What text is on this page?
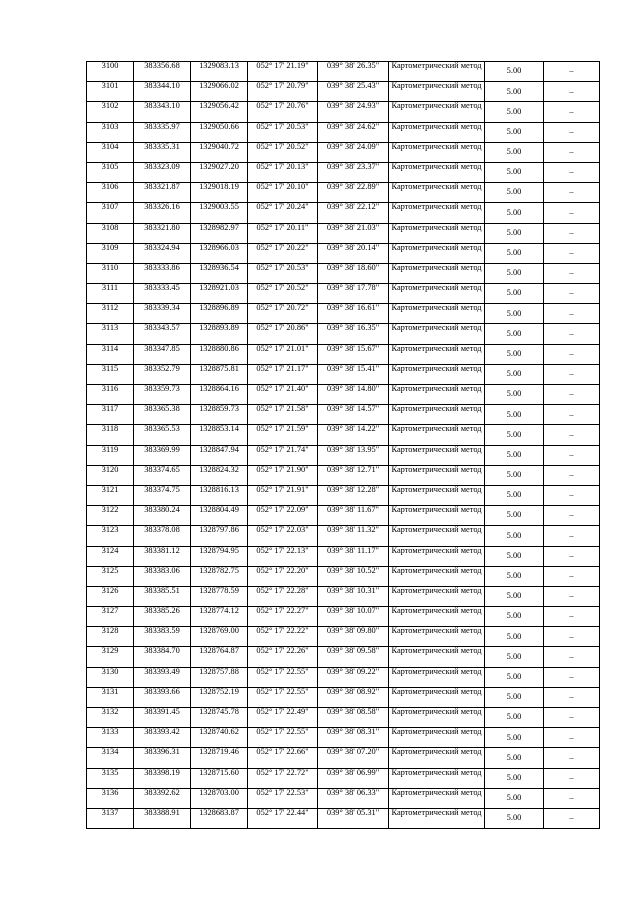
3100	383356.68	1329083.13	052° 17' 21.19"	039° 38' 26.35"	Картометрический метод	5.00	–
3101	383344.10	1329066.02	052° 17' 20.79"	039° 38' 25.43"	Картометрический метод	5.00	–
3102	383343.10	1329056.42	052° 17' 20.76"	039° 38' 24.93"	Картометрический метод	5.00	–
3103	383335.97	1329050.66	052° 17' 20.53"	039° 38' 24.62"	Картометрический метод	5.00	–
3104	383335.31	1329040.72	052° 17' 20.52"	039° 38' 24.09"	Картометрический метод	5.00	–
3105	383323.09	1329027.20	052° 17' 20.13"	039° 38' 23.37"	Картометрический метод	5.00	–
3106	383321.87	1329018.19	052° 17' 20.10"	039° 38' 22.89"	Картометрический метод	5.00	–
3107	383326.16	1329003.55	052° 17' 20.24"	039° 38' 22.12"	Картометрический метод	5.00	–
3108	383321.80	1328982.97	052° 17' 20.11"	039° 38' 21.03"	Картометрический метод	5.00	–
3109	383324.94	1328966.03	052° 17' 20.22"	039° 38' 20.14"	Картометрический метод	5.00	–
3110	383333.86	1328936.54	052° 17' 20.53"	039° 38' 18.60"	Картометрический метод	5.00	–
3111	383333.45	1328921.03	052° 17' 20.52"	039° 38' 17.78"	Картометрический метод	5.00	–
3112	383339.34	1328896.89	052° 17' 20.72"	039° 38' 16.61"	Картометрический метод	5.00	–
3113	383343.57	1328893.89	052° 17' 20.86"	039° 38' 16.35"	Картометрический метод	5.00	–
3114	383347.85	1328880.86	052° 17' 21.01"	039° 38' 15.67"	Картометрический метод	5.00	–
3115	383352.79	1328875.81	052° 17' 21.17"	039° 38' 15.41"	Картометрический метод	5.00	–
3116	383359.73	1328864.16	052° 17' 21.40"	039° 38' 14.80"	Картометрический метод	5.00	–
3117	383365.38	1328859.73	052° 17' 21.58"	039° 38' 14.57"	Картометрический метод	5.00	–
3118	383365.53	1328853.14	052° 17' 21.59"	039° 38' 14.22"	Картометрический метод	5.00	–
3119	383369.99	1328847.94	052° 17' 21.74"	039° 38' 13.95"	Картометрический метод	5.00	–
3120	383374.65	1328824.32	052° 17' 21.90"	039° 38' 12.71"	Картометрический метод	5.00	–
3121	383374.75	1328816.13	052° 17' 21.91"	039° 38' 12.28"	Картометрический метод	5.00	–
3122	383380.24	1328804.49	052° 17' 22.09"	039° 38' 11.67"	Картометрический метод	5.00	–
3123	383378.08	1328797.86	052° 17' 22.03"	039° 38' 11.32"	Картометрический метод	5.00	–
3124	383381.12	1328794.95	052° 17' 22.13"	039° 38' 11.17"	Картометрический метод	5.00	–
3125	383383.06	1328782.75	052° 17' 22.20"	039° 38' 10.52"	Картометрический метод	5.00	–
3126	383385.51	1328778.59	052° 17' 22.28"	039° 38' 10.31"	Картометрический метод	5.00	–
3127	383385.26	1328774.12	052° 17' 22.27"	039° 38' 10.07"	Картометрический метод	5.00	–
3128	383383.59	1328769.00	052° 17' 22.22"	039° 38' 09.80"	Картометрический метод	5.00	–
3129	383384.70	1328764.87	052° 17' 22.26"	039° 38' 09.58"	Картометрический метод	5.00	–
3130	383393.49	1328757.88	052° 17' 22.55"	039° 38' 09.22"	Картометрический метод	5.00	–
3131	383393.66	1328752.19	052° 17' 22.55"	039° 38' 08.92"	Картометрический метод	5.00	–
3132	383391.45	1328745.78	052° 17' 22.49"	039° 38' 08.58"	Картометрический метод	5.00	–
3133	383393.42	1328740.62	052° 17' 22.55"	039° 38' 08.31"	Картометрический метод	5.00	–
3134	383396.31	1328719.46	052° 17' 22.66"	039° 38' 07.20"	Картометрический метод	5.00	–
3135	383398.19	1328715.60	052° 17' 22.72"	039° 38' 06.99"	Картометрический метод	5.00	–
3136	383392.62	1328703.00	052° 17' 22.53"	039° 38' 06.33"	Картометрический метод	5.00	–
3137	383388.91	1328683.87	052° 17' 22.44"	039° 38' 05.31"	Картометрический метод	5.00	–
